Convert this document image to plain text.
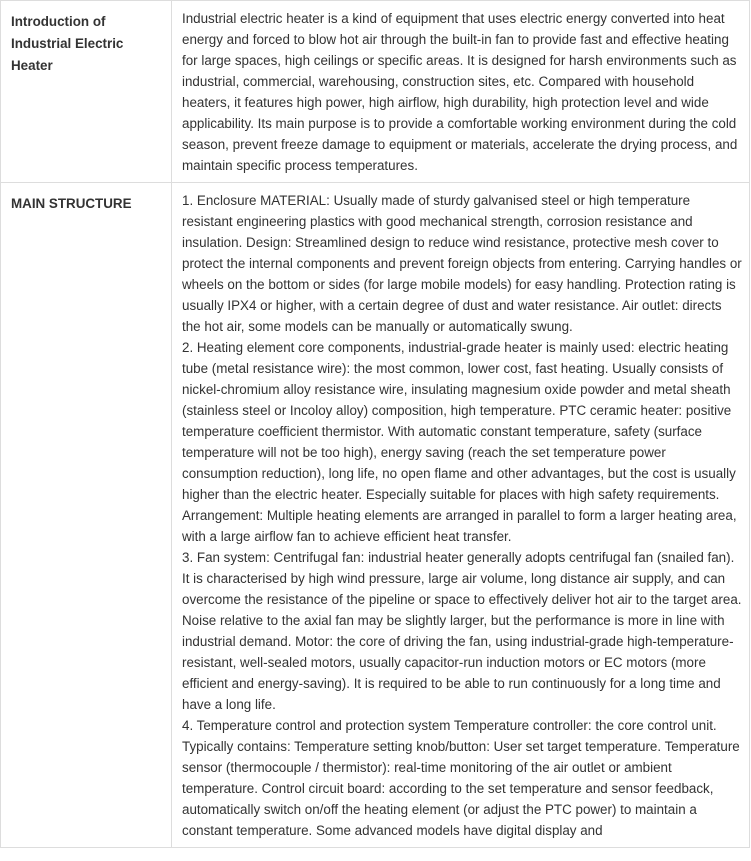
Introduction of Industrial Electric Heater	Industrial electric heater is a kind of equipment that uses electric energy converted into heat energy and forced to blow hot air through the built-in fan to provide fast and effective heating for large spaces, high ceilings or specific areas. It is designed for harsh environments such as industrial, commercial, warehousing, construction sites, etc. Compared with household heaters, it features high power, high airflow, high durability, high protection level and wide applicability. Its main purpose is to provide a comfortable working environment during the cold season, prevent freeze damage to equipment or materials, accelerate the drying process, and maintain specific process temperatures.

MAIN STRUCTURE	1. Enclosure MATERIAL: Usually made of sturdy galvanised steel or high temperature resistant engineering plastics with good mechanical strength, corrosion resistance and insulation. Design: Streamlined design to reduce wind resistance, protective mesh cover to protect the internal components and prevent foreign objects from entering. Carrying handles or wheels on the bottom or sides (for large mobile models) for easy handling. Protection rating is usually IPX4 or higher, with a certain degree of dust and water resistance. Air outlet: directs the hot air, some models can be manually or automatically swung.
2. Heating element core components, industrial-grade heater is mainly used: electric heating tube (metal resistance wire): the most common, lower cost, fast heating. Usually consists of nickel-chromium alloy resistance wire, insulating magnesium oxide powder and metal sheath (stainless steel or Incoloy alloy) composition, high temperature. PTC ceramic heater: positive temperature coefficient thermistor. With automatic constant temperature, safety (surface temperature will not be too high), energy saving (reach the set temperature power consumption reduction), long life, no open flame and other advantages, but the cost is usually higher than the electric heater. Especially suitable for places with high safety requirements. Arrangement: Multiple heating elements are arranged in parallel to form a larger heating area, with a large airflow fan to achieve efficient heat transfer.
3. Fan system: Centrifugal fan: industrial heater generally adopts centrifugal fan (snailed fan). It is characterised by high wind pressure, large air volume, long distance air supply, and can overcome the resistance of the pipeline or space to effectively deliver hot air to the target area. Noise relative to the axial fan may be slightly larger, but the performance is more in line with industrial demand. Motor: the core of driving the fan, using industrial-grade high-temperature-resistant, well-sealed motors, usually capacitor-run induction motors or EC motors (more efficient and energy-saving). It is required to be able to run continuously for a long time and have a long life.
4. Temperature control and protection system Temperature controller: the core control unit. Typically contains: Temperature setting knob/button: User set target temperature. Temperature sensor (thermocouple / thermistor): real-time monitoring of the air outlet or ambient temperature. Control circuit board: according to the set temperature and sensor feedback, automatically switch on/off the heating element (or adjust the PTC power) to maintain a constant temperature. Some advanced models have digital display and
